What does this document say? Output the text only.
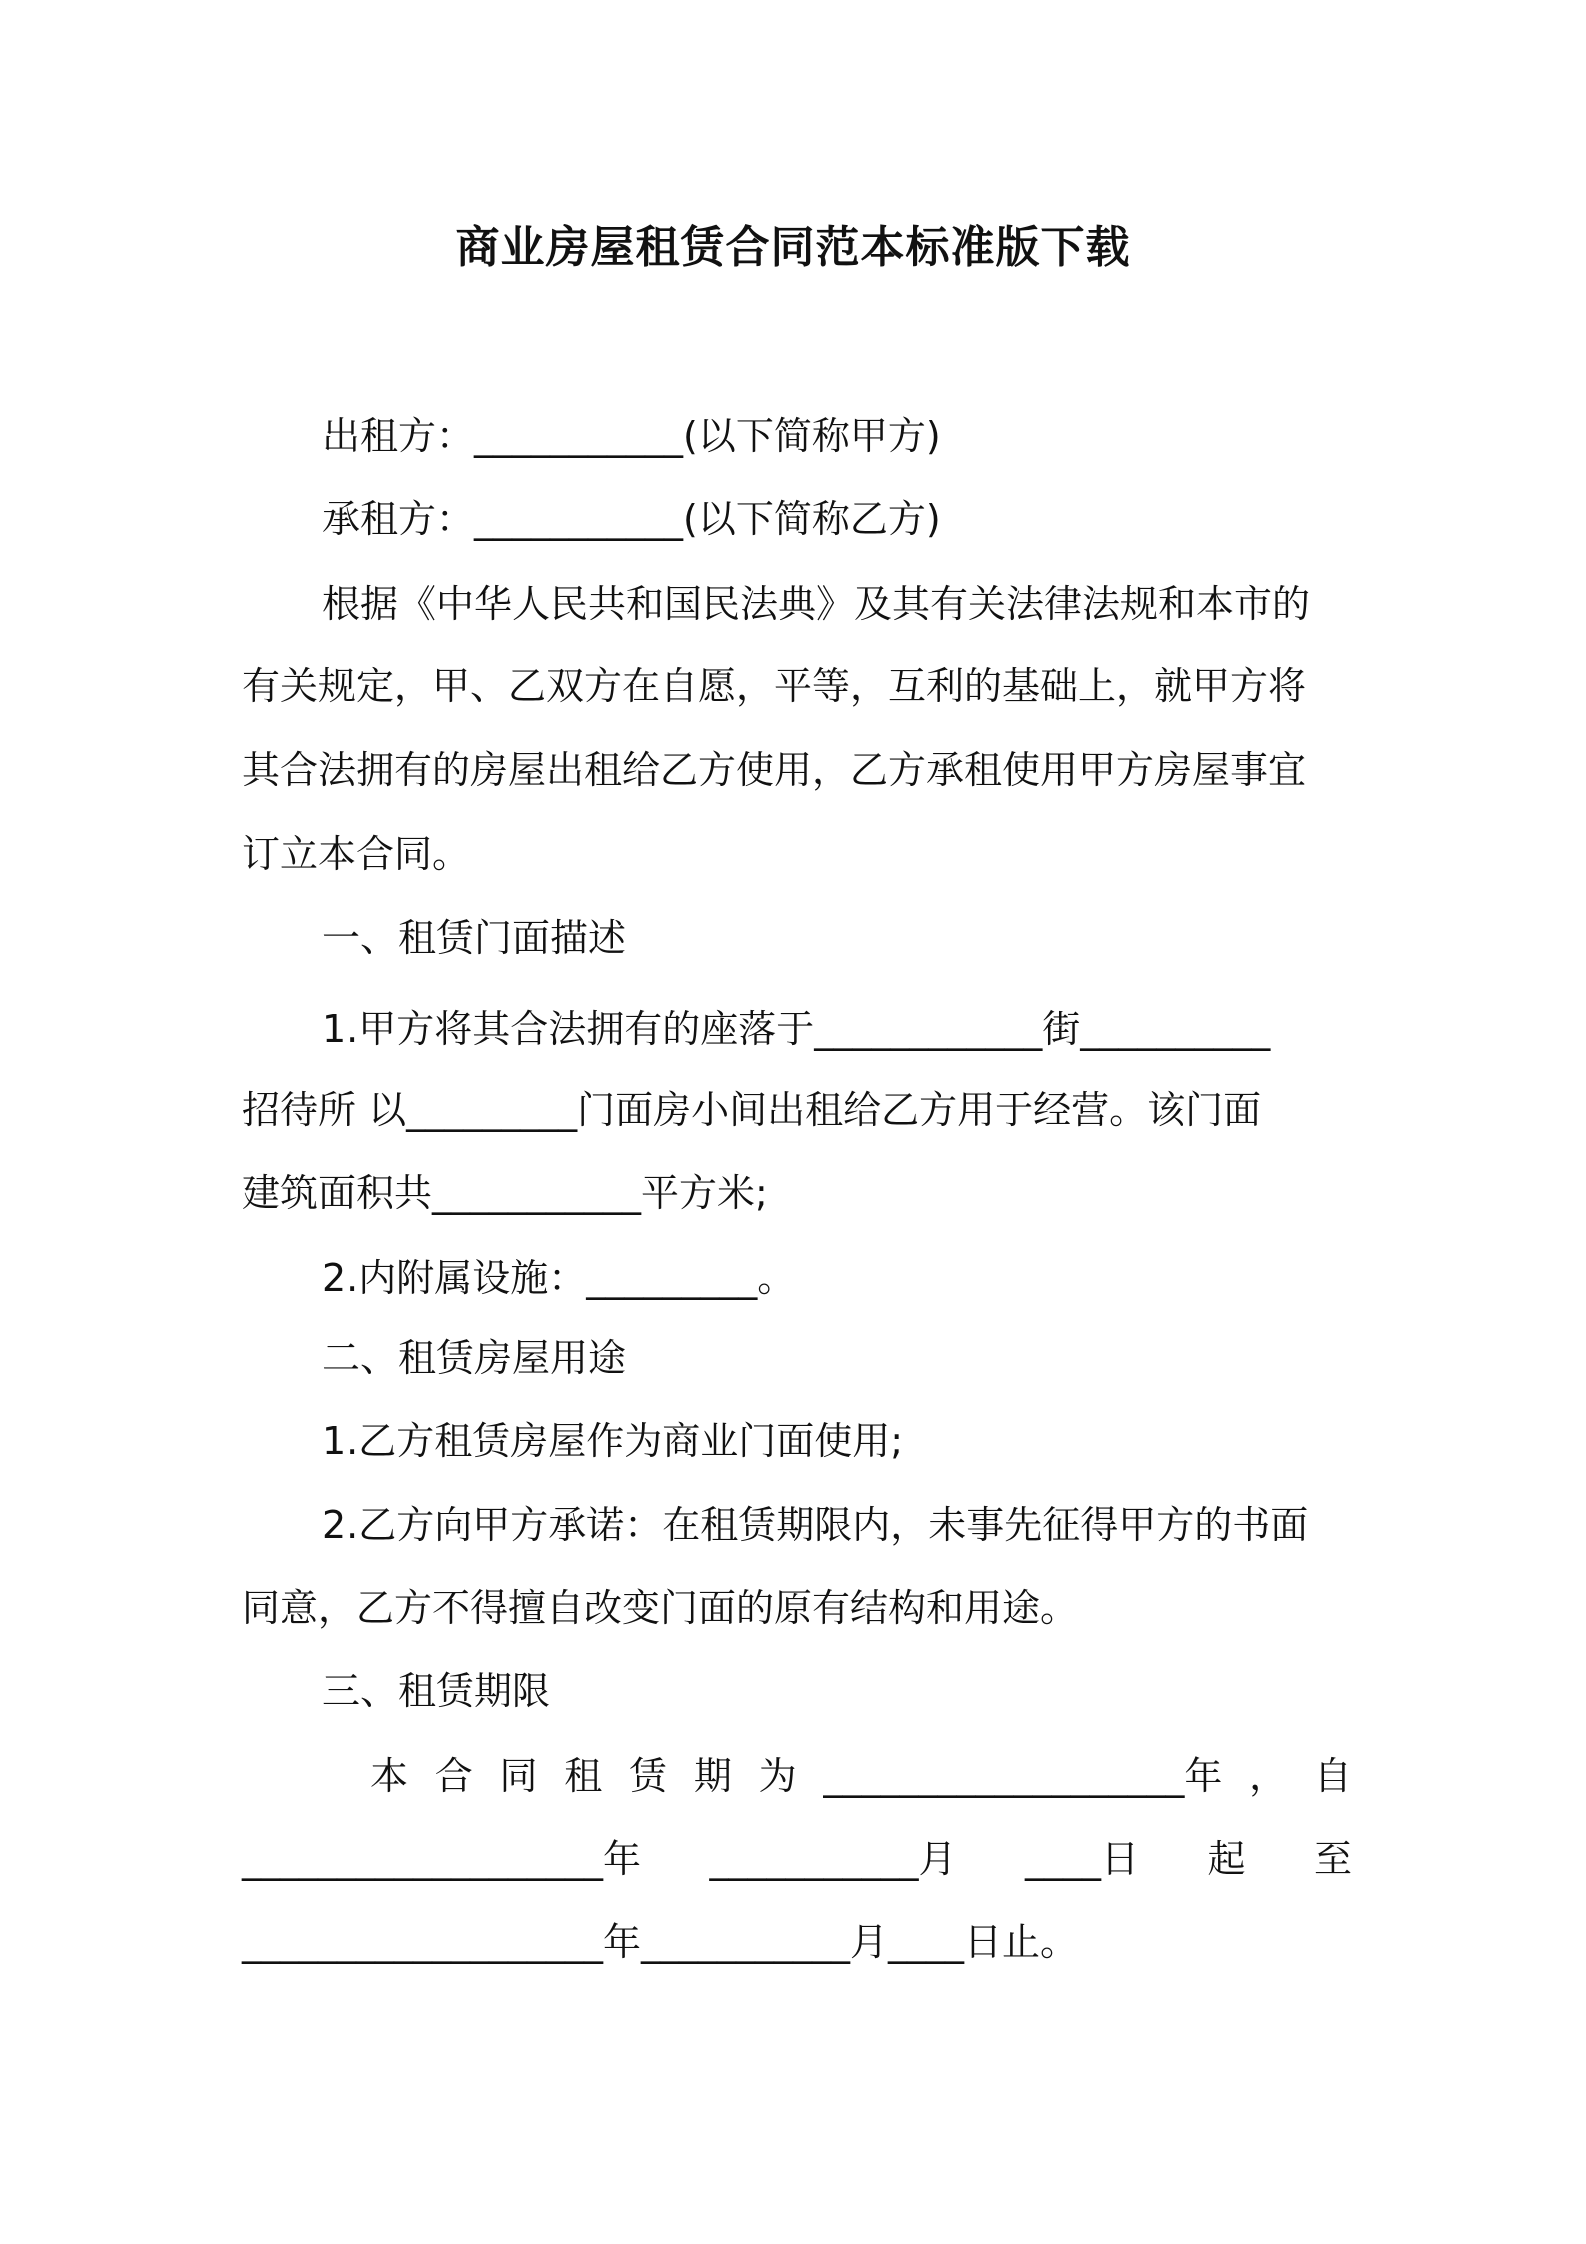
商业房屋租赁合同范本标准版下载
出租方：___________(以下简称甲方)
承租方：___________(以下简称乙方)
根据《中华人民共和国民法典》及其有关法律法规和本市的
有关规定，甲、乙双方在自愿，平等，互利的基础上，就甲方将
其合法拥有的房屋出租给乙方使用，乙方承租使用甲方房屋事宜
订立本合同。
一、租赁门面描述
1.甲方将其合法拥有的座落于____________街__________
招待所 以_________门面房小间出租给乙方用于经营。该门面
建筑面积共___________平方米;
2.内附属设施：_________。
二、租赁房屋用途
1.乙方租赁房屋作为商业门面使用;
2.乙方向甲方承诺：在租赁期限内，未事先征得甲方的书面
同意，乙方不得擅自改变门面的原有结构和用途。
三、租赁期限
本 合 同 租 赁 期 为 ___________________年 ， 自
___________________年 ___________月 ____日 起 至
___________________年___________月____日止。
